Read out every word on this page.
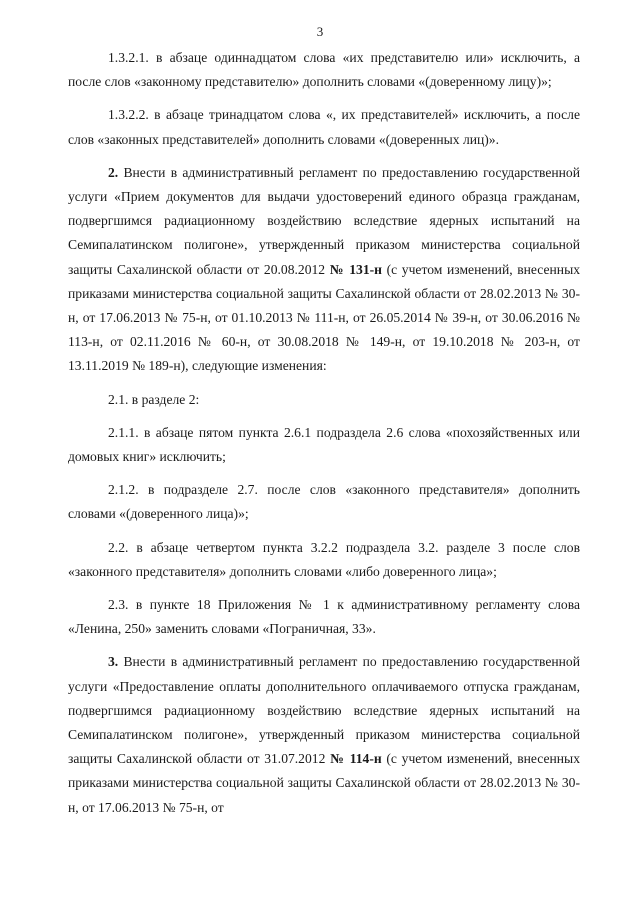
3

1.3.2.1. в абзаце одиннадцатом слова «их представителю или» исключить, а после слов «законному представителю» дополнить словами «(доверенному лицу)»;

1.3.2.2. в абзаце тринадцатом слова «, их представителей» исключить, а после слов «законных представителей» дополнить словами «(доверенных лиц)».

2. Внести в административный регламент по предоставлению государственной услуги «Прием документов для выдачи удостоверений единого образца гражданам, подвергшимся радиационному воздействию вследствие ядерных испытаний на Семипалатинском полигоне», утвержденный приказом министерства социальной защиты Сахалинской области от 20.08.2012 № 131-н (с учетом изменений, внесенных приказами министерства социальной защиты Сахалинской области от 28.02.2013 № 30-н, от 17.06.2013 № 75-н, от 01.10.2013 № 111-н, от 26.05.2014 № 39-н, от 30.06.2016 № 113-н, от 02.11.2016 № 60-н, от 30.08.2018 № 149-н, от 19.10.2018 № 203-н, от 13.11.2019 № 189-н), следующие изменения:

2.1. в разделе 2:

2.1.1. в абзаце пятом пункта 2.6.1 подраздела 2.6 слова «похозяйственных или домовых книг» исключить;

2.1.2. в подразделе 2.7. после слов «законного представителя» дополнить словами «(доверенного лица)»;

2.2. в абзаце четвертом пункта 3.2.2 подраздела 3.2. разделе 3 после слов «законного представителя» дополнить словами «либо доверенного лица»;

2.3. в пункте 18 Приложения № 1 к административному регламенту слова «Ленина, 250» заменить словами «Пограничная, 33».

3. Внести в административный регламент по предоставлению государственной услуги «Предоставление оплаты дополнительного оплачиваемого отпуска гражданам, подвергшимся радиационному воздействию вследствие ядерных испытаний на Семипалатинском полигоне», утвержденный приказом министерства социальной защиты Сахалинской области от 31.07.2012 № 114-н (с учетом изменений, внесенных приказами министерства социальной защиты Сахалинской области от 28.02.2013 № 30-н, от 17.06.2013 № 75-н, от
